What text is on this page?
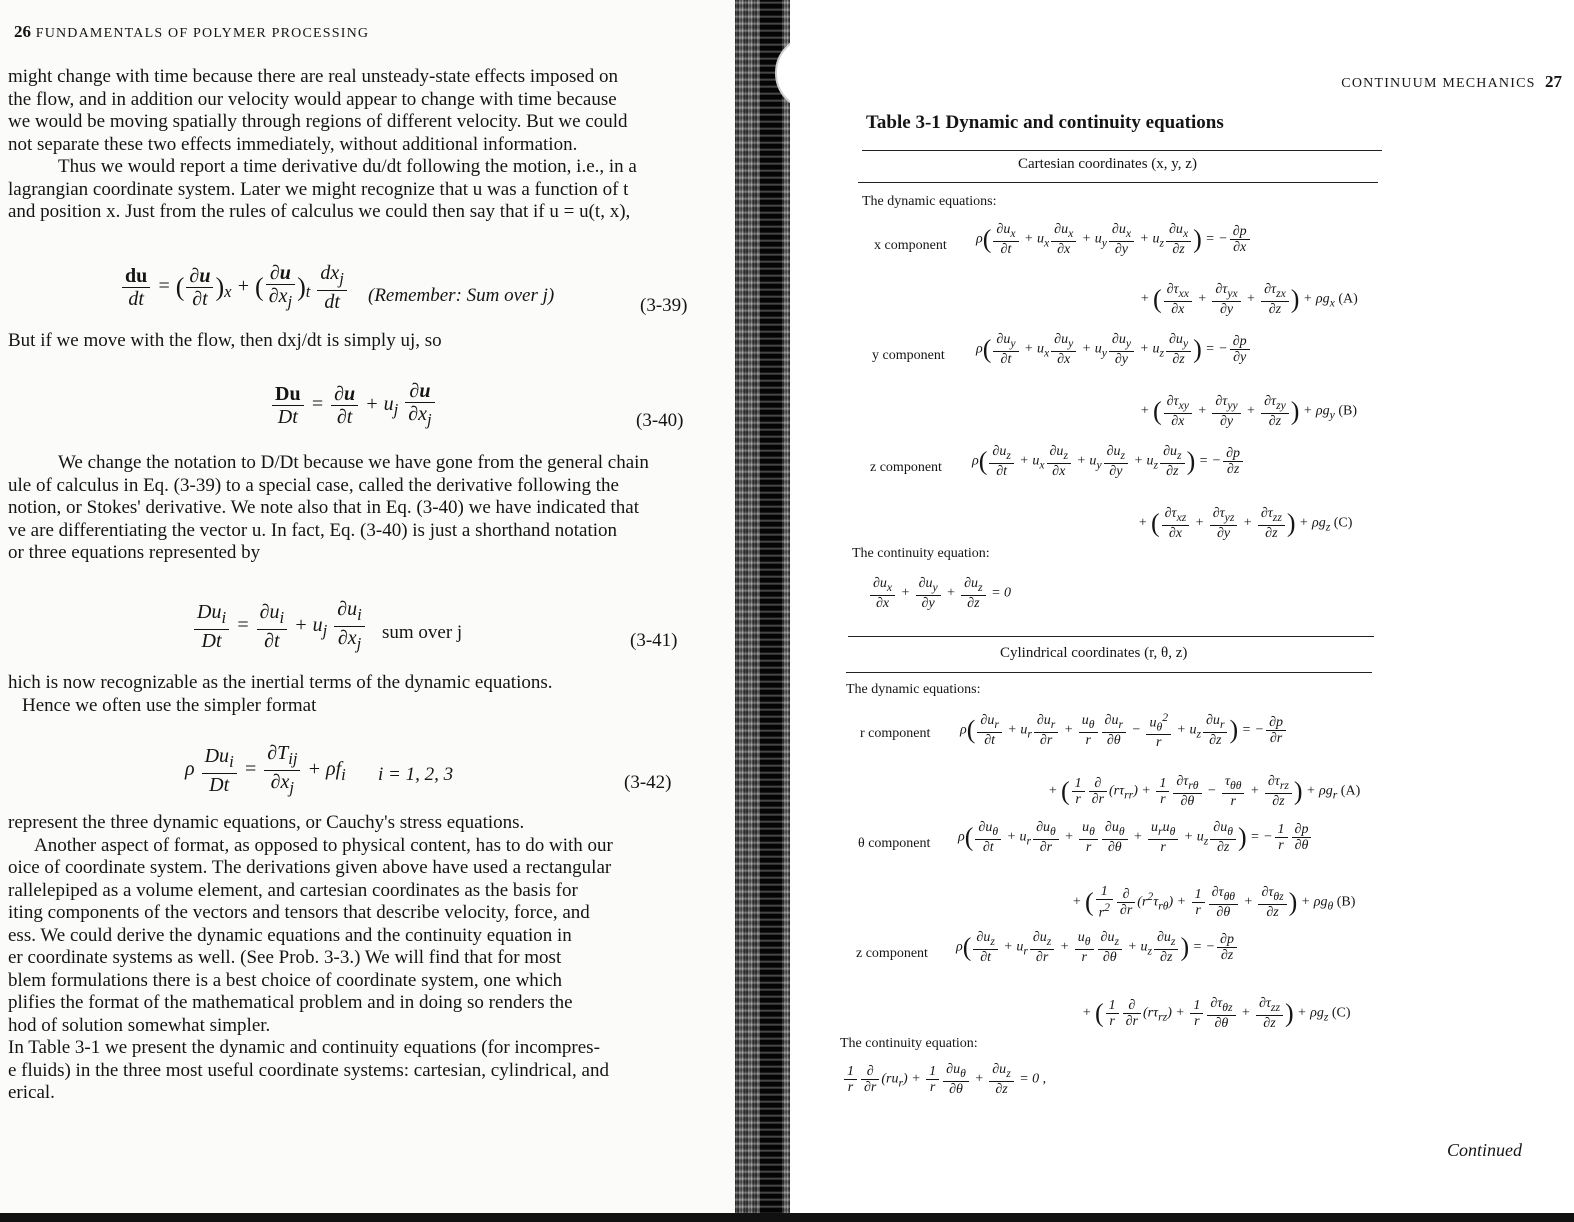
26 FUNDAMENTALS OF POLYMER PROCESSING

might change with time because there are real unsteady-state effects imposed on

the flow, and in addition our velocity would appear to change with time because

we would be moving spatially through regions of different velocity. But we could

not separate these two effects immediately, without additional information.

Thus we would report a time derivative du/dt following the motion, i.e., in a

lagrangian coordinate system. Later we might recognize that u was a function of t

and position x. Just from the rules of calculus we could then say that if u = u(t, x),

$\frac{du}{dt}$ = ( $\frac{\partial u}{\partial t} )_x$ + ( $\frac{\partial u}{\partial x_j} )_t \frac{dx_j}{dt}$ (Remember: Sum over j)	(3-39)
But if we move with the flow, then dxj/dt is simply uj, so
$\frac{Du}{Dt} = \frac{\partial u}{\partial t} + u_j \frac{\partial u}{\partial x_j}$	(3-40)

We change the notation to D/Dt because we have gone from the general chain

ule of calculus in Eq. (3-39) to a special case, called the derivative following the

notion, or Stokes' derivative. We note also that in Eq. (3-40) we have indicated that

ve are differentiating the vector u. In fact, Eq. (3-40) is just a shorthand notation

or three equations represented by

$\frac{Du_i}{Dt} = \frac{\partial u_i}{\partial t} + u_j \frac{\partial u_i}{\partial x_j}$ sum over j	(3-41)

hich is now recognizable as the inertial terms of the dynamic equations.

Hence we often use the simpler format

ρ $\frac{Du_i}{Dt} = \frac{\partial T_{ij}}{\partial x_j} + \rho f_i$ i = 1, 2, 3	(3-42)

represent the three dynamic equations, or Cauchy's stress equations.

Another aspect of format, as opposed to physical content, has to do with our

oice of coordinate system. The derivations given above have used a rectangular

rallelepiped as a volume element, and cartesian coordinates as the basis for

iting components of the vectors and tensors that describe velocity, force, and

ess. We could derive the dynamic equations and the continuity equation in

er coordinate systems as well. (See Prob. 3-3.) We will find that for most

blem formulations there is a best choice of coordinate system, one which

plifies the format of the mathematical problem and in doing so renders the

hod of solution somewhat simpler.

In Table 3-1 we present the dynamic and continuity equations (for incompres-

e fluids) in the three most useful coordinate systems: cartesian, cylindrical, and

erical.

CONTINUUM MECHANICS 27
Table 3-1 Dynamic and continuity equations
Cartesian coordinates (x, y, z)
The dynamic equations:
x component $\rho( \frac{\partial u_x}{\partial t} + u_x \frac{\partial u_x}{\partial x} + u_y \frac{\partial u_x}{\partial y} + u_z \frac{\partial u_x}{\partial z}$ ) = − $\frac{\partial p}{\partial x}$
+ ( $\frac{\partial\tau_{xx}}{\partial x} + \frac{\partial\tau_{yx}}{\partial y} + \frac{\partial\tau_{zx}}{\partial z}$ ) + $\rho g_x$ (A)
y component $\rho( \frac{\partial u_y}{\partial t} + u_x \frac{\partial u_y}{\partial x} + u_y \frac{\partial u_y}{\partial y} + u_z \frac{\partial u_y}{\partial z}$ ) = − $\frac{\partial p}{\partial y}$
+ ( $\frac{\partial\tau_{xy}}{\partial x} + \frac{\partial\tau_{yy}}{\partial y} + \frac{\partial\tau_{zy}}{\partial z}$ ) + $\rho g_y$ (B)
z component $\rho( \frac{\partial u_z}{\partial t} + u_x \frac{\partial u_z}{\partial x} + u_y \frac{\partial u_z}{\partial y} + u_z \frac{\partial u_z}{\partial z}$ ) = − $\frac{\partial p}{\partial z}$
+ ( $\frac{\partial\tau_{xz}}{\partial x} + \frac{\partial\tau_{yz}}{\partial y} + \frac{\partial\tau_{zz}}{\partial z}$ ) + $\rho g_z$ (C)
The continuity equation:
$\frac{\partial u_x}{\partial x} + \frac{\partial u_y}{\partial y} + \frac{\partial u_z}{\partial z} = 0$
Cylindrical coordinates (r, θ, z)
The dynamic equations:
r component $\rho( \frac{\partial u_r}{\partial t} + u_r \frac{\partial u_r}{\partial r} + \frac{u_\theta}{r} \frac{\partial u_r}{\partial\theta} - \frac{u_\theta^2}{r} + u_z \frac{\partial u_r}{\partial z}$ ) = − $\frac{\partial p}{\partial r}$
+ ( $\frac{1}{r} \frac{\partial}{\partial r} (r\tau_{rr}) + \frac{1}{r} \frac{\partial\tau_{r\theta}}{\partial\theta} - \frac{\tau_{\theta\theta}}{r} + \frac{\partial\tau_{rz}}{\partial z}$ ) + $\rho g_r$ (A)
θ component $\rho( \frac{\partial u_\theta}{\partial t} + u_r \frac{\partial u_\theta}{\partial r} + \frac{u_\theta}{r} \frac{\partial u_\theta}{\partial\theta} + \frac{u_ru_\theta}{r} + u_z \frac{\partial u_\theta}{\partial z}$ ) = − $\frac{1}{r} \frac{\partial p}{\partial\theta}$
+ ( $\frac{1}{r^2} \frac{\partial}{\partial r} (r^2\tau_{r\theta}) + \frac{1}{r} \frac{\partial\tau_{\theta\theta}}{\partial\theta} + \frac{\partial\tau_{\theta z}}{\partial z}$ ) + $\rho g_\theta$ (B)
z component $\rho( \frac{\partial u_z}{\partial t} + u_r \frac{\partial u_z}{\partial r} + \frac{u_\theta}{r} \frac{\partial u_z}{\partial\theta} + u_z \frac{\partial u_z}{\partial z}$ ) = − $\frac{\partial p}{\partial z}$
+ ( $\frac{1}{r} \frac{\partial}{\partial r} (r\tau_{rz}) + \frac{1}{r} \frac{\partial\tau_{\theta z}}{\partial\theta} + \frac{\partial\tau_{zz}}{\partial z}$ ) + $\rho g_z$ (C)
The continuity equation:
$\frac{1}{r} \frac{\partial}{\partial r} (ru_r) + \frac{1}{r} \frac{\partial u_\theta}{\partial\theta} + \frac{\partial u_z}{\partial z} = 0$ ,
Continued
